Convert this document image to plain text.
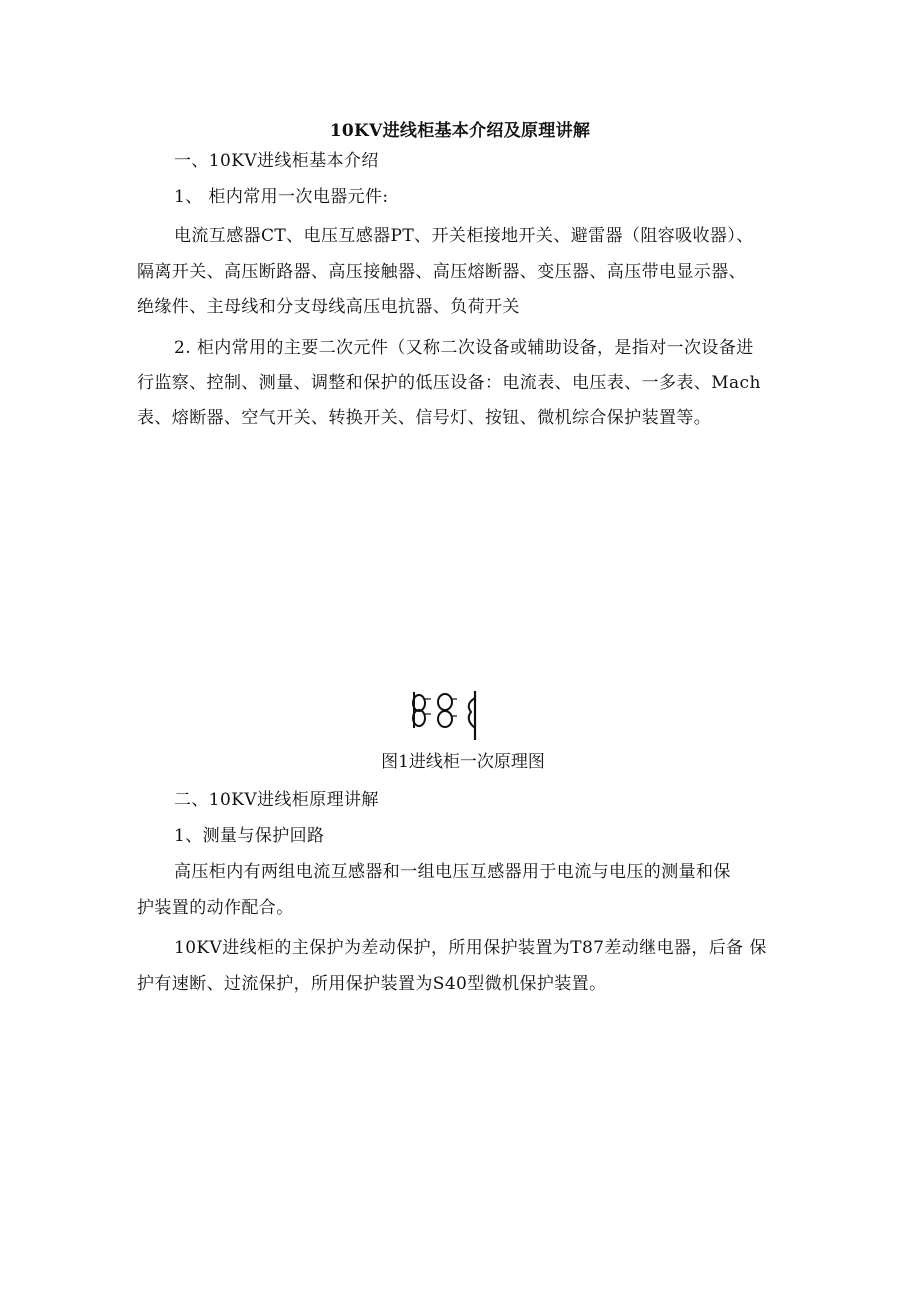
10KV进线柜基本介绍及原理讲解
一、10KV进线柜基本介绍
1、 柜内常用一次电器元件:
电流互感器CT、电压互感器PT、开关柜接地开关、避雷器（阻容吸收器）、
隔离开关、高压断路器、高压接触器、高压熔断器、变压器、高压带电显示器、
绝缘件、主母线和分支母线高压电抗器、负荷开关
2. 柜内常用的主要二次元件（又称二次设备或辅助设备，是指对一次设备进
行监察、控制、测量、调整和保护的低压设备：电流表、电压表、一多表、Mach
表、熔断器、空气开关、转换开关、信号灯、按钮、微机综合保护装置等。
图1进线柜一次原理图
二、10KV进线柜原理讲解
1、测量与保护回路
高压柜内有两组电流互感器和一组电压互感器用于电流与电压的测量和保
护装置的动作配合。
10KV进线柜的主保护为差动保护，所用保护装置为T87差动继电器，后备 保
护有速断、过流保护，所用保护装置为S40型微机保护装置。
